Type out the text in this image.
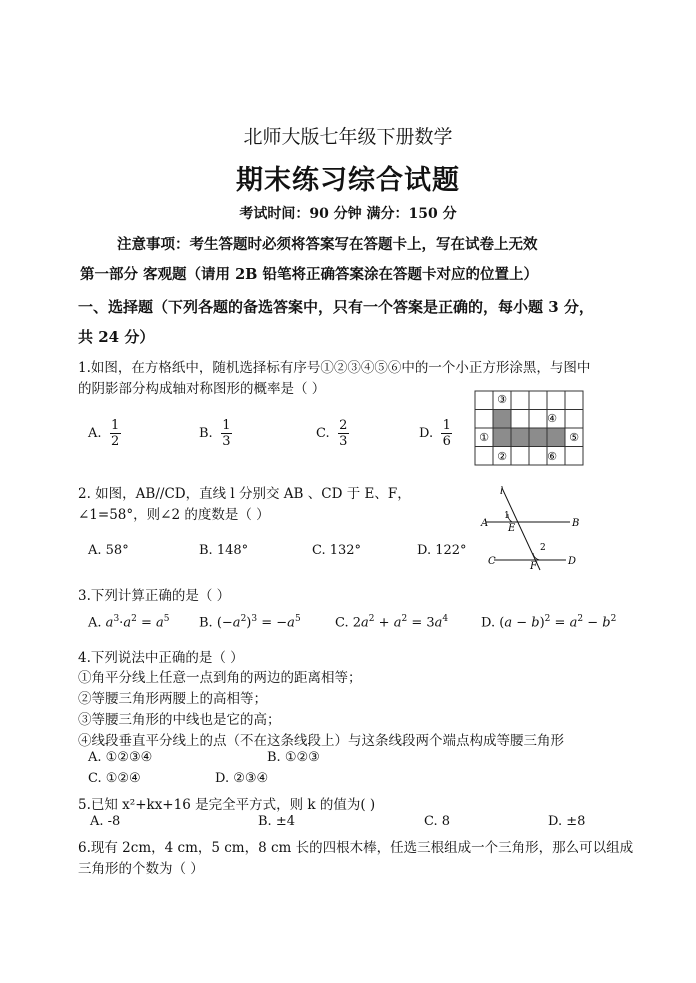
北师大版七年级下册数学
期末练习综合试题
考试时间：90 分钟 满分：150 分
注意事项：考生答题时必须将答案写在答题卡上，写在试卷上无效
第一部分 客观题（请用 2B 铅笔将正确答案涂在答题卡对应的位置上）
一、选择题（下列各题的备选答案中，只有一个答案是正确的，每小题 3 分，
共 24 分）
1.如图，在方格纸中，随机选择标有序号①②③④⑤⑥中的一个小正方形涂黑，与图中
的阴影部分构成轴对称图形的概率是（ ）
A. $\frac{1}{2}$	B. $\frac{1}{3}$	C. $\frac{2}{3}$	D. $\frac{1}{6}$
③
④
①	⑤
②	⑥
2. 如图，AB//CD，直线 l 分别交 AB 、CD 于 E、F，
∠1=58°，则∠2 的度数是（ ）
A. 58°	B. 148°	C. 132°	D. 122°
l
A	B
C	D
E
F
1
2
3.下列计算正确的是（ ）
A. $a^3\cdot a^2 = a^5$ B. $(-a^2)^3 = -a^5$	C. $2a^2 + a^2 = 3a^4$	D. $(a - b)^2 = a^2 - b^2$
4.下列说法中正确的是（ ）
①角平分线上任意一点到角的两边的距离相等；
②等腰三角形两腰上的高相等；
③等腰三角形的中线也是它的高；
④线段垂直平分线上的点（不在这条线段上）与这条线段两个端点构成等腰三角形
A. ①②③④	B. ①②③
C. ①②④	D. ②③④
5.已知 x²+kx+16 是完全平方式，则 k 的值为( )
A. -8	B. ±4	C. 8	D. ±8
6.现有 2cm，4 cm，5 cm，8 cm 长的四根木棒，任选三根组成一个三角形，那么可以组成
三角形的个数为（ ）
